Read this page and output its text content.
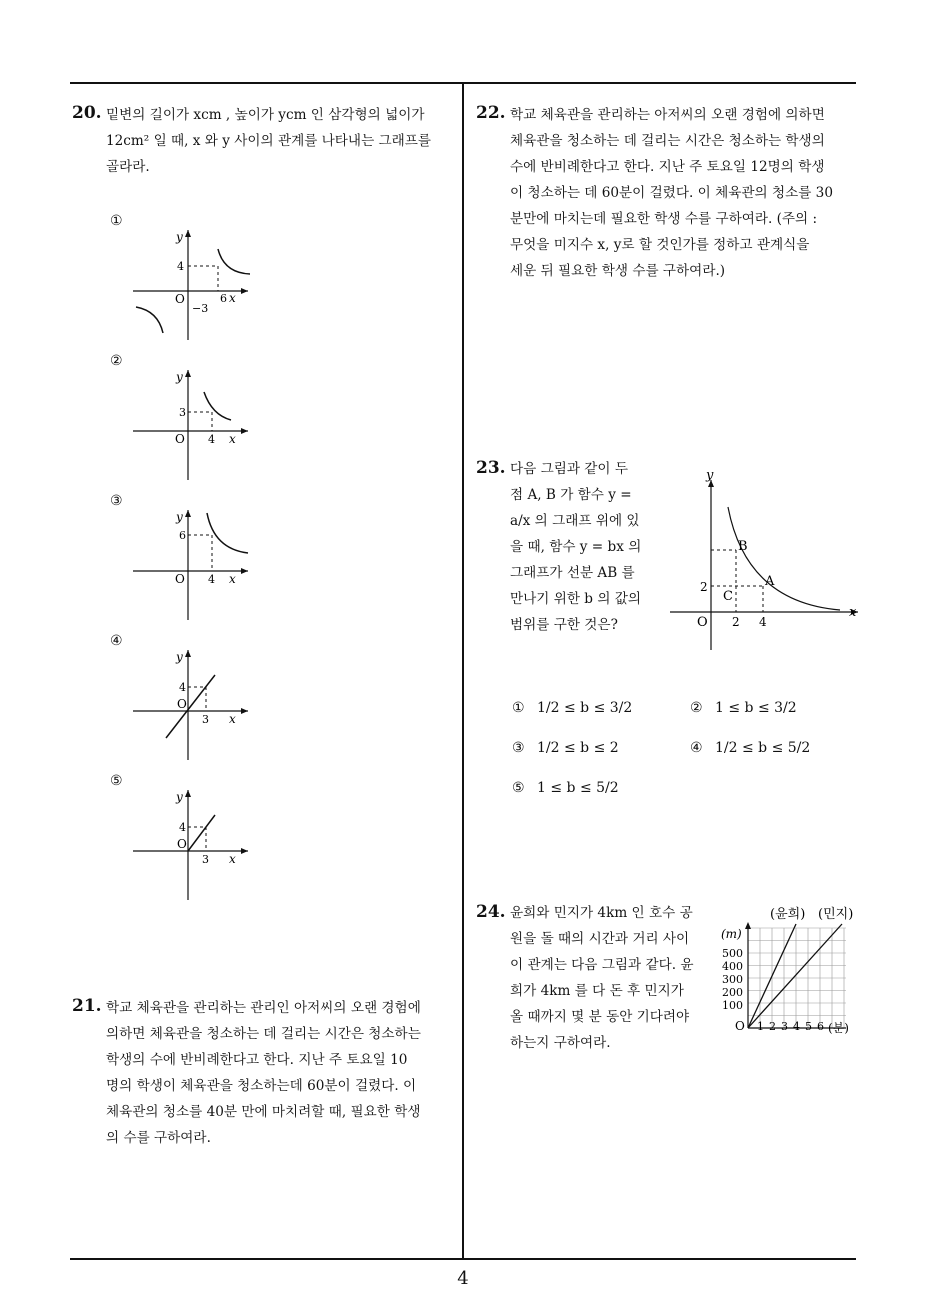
20. 밑변의 길이가 xcm , 높이가 ycm 인 삼각형의 넓이가
12cm² 일 때, x 와 y 사이의 관계를 나타내는 그래프를
골라라.
①
y
4
O	6 x
−3
②
y
3
O 4 x
③
y
6
O 4 x
④
y
4
O
3 x
⑤
y
4
O
3 x
21. 학교 체육관을 관리하는 관리인 아저씨의 오랜 경험에
의하면 체육관을 청소하는 데 걸리는 시간은 청소하는
학생의 수에 반비례한다고 한다. 지난 주 토요일 10
명의 학생이 체육관을 청소하는데 60분이 걸렸다. 이
체육관의 청소를 40분 만에 마치려할 때, 필요한 학생
의 수를 구하여라.
22. 학교 체육관을 관리하는 아저씨의 오랜 경험에 의하면
체육관을 청소하는 데 걸리는 시간은 청소하는 학생의
수에 반비례한다고 한다. 지난 주 토요일 12명의 학생
이 청소하는 데 60분이 걸렸다. 이 체육관의 청소를 30
분만에 마치는데 필요한 학생 수를 구하여라. (주의 :
무엇을 미지수 x, y로 할 것인가를 정하고 관계식을
세운 뒤 필요한 학생 수를 구하여라.)
23. 다음 그림과 같이 두
점 A, B 가 함수 y =
a/x 의 그래프 위에 있
을 때, 함수 y = bx 의
그래프가 선분 AB 를
만나기 위한 b 의 값의
범위를 구한 것은?
y
x
O
B
A
C
2
2 4
① 1/2 ≤ b ≤ 3/2	② 1 ≤ b ≤ 3/2
③ 1/2 ≤ b ≤ 2	④ 1/2 ≤ b ≤ 5/2
⑤ 1 ≤ b ≤ 5/2
24. 윤희와 민지가 4km 인 호수 공
원을 돌 때의 시간과 거리 사이
이 관계는 다음 그림과 같다. 윤
희가 4km 를 다 돈 후 민지가
올 때까지 몇 분 동안 기다려야
하는지 구하여라.
(윤희) (민지)
(m)
500
400
300
200
100
O 1 2 3 4 5 6 (분)
4
